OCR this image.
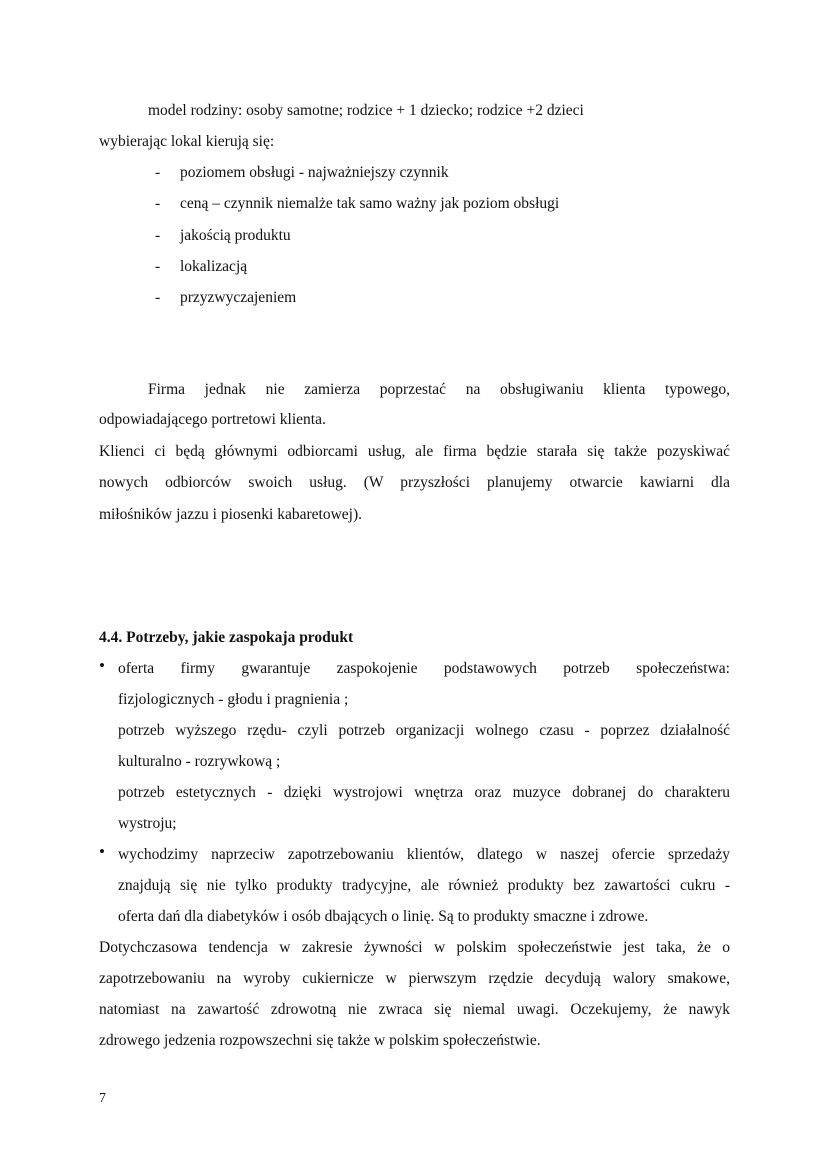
model rodziny: osoby samotne; rodzice + 1 dziecko; rodzice +2 dzieci
wybierając lokal kierują się:
- poziomem obsługi - najważniejszy czynnik
- ceną – czynnik niemalże tak samo ważny jak poziom obsługi
- jakością produktu
- lokalizacją
- przyzwyczajeniem
Firma jednak nie zamierza poprzestać na obsługiwaniu klienta typowego,
odpowiadającego portretowi klienta.
Klienci ci będą głównymi odbiorcami usług, ale firma będzie starała się także pozyskiwać
nowych odbiorców swoich usług. (W przyszłości planujemy otwarcie kawiarni dla
miłośników jazzu i piosenki kabaretowej).
4.4. Potrzeby, jakie zaspokaja produkt
• oferta firmy gwarantuje zaspokojenie podstawowych potrzeb społeczeństwa:
fizjologicznych - głodu i pragnienia ;
potrzeb wyższego rzędu- czyli potrzeb organizacji wolnego czasu - poprzez działalność
kulturalno - rozrywkową ;
potrzeb estetycznych - dzięki wystrojowi wnętrza oraz muzyce dobranej do charakteru
wystroju;
• wychodzimy naprzeciw zapotrzebowaniu klientów, dlatego w naszej ofercie sprzedaży
znajdują się nie tylko produkty tradycyjne, ale również produkty bez zawartości cukru -
oferta dań dla diabetyków i osób dbających o linię. Są to produkty smaczne i zdrowe.
Dotychczasowa tendencja w zakresie żywności w polskim społeczeństwie jest taka, że o
zapotrzebowaniu na wyroby cukiernicze w pierwszym rzędzie decydują walory smakowe,
natomiast na zawartość zdrowotną nie zwraca się niemal uwagi. Oczekujemy, że nawyk
zdrowego jedzenia rozpowszechni się także w polskim społeczeństwie.
7
